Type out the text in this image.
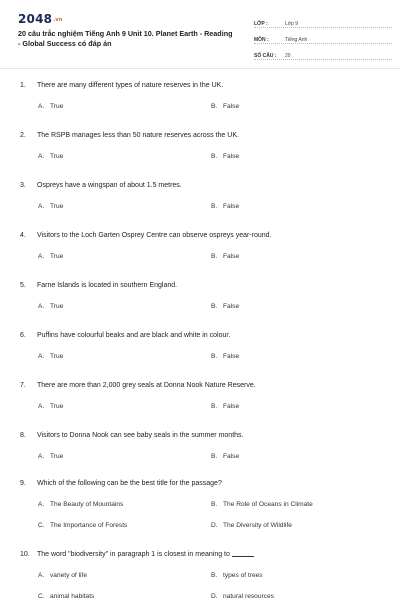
$2048^{.vn}$
20 câu trắc nghiệm Tiếng Anh 9 Unit 10. Planet Earth - Reading - Global Success có đáp án
LỚP :	Lớp 9
MÔN :	Tiếng Anh
SỐ CÂU :	20
1. There are many different types of nature reserves in the UK.
A. True	B. False
2. The RSPB manages less than 50 nature reserves across the UK.
A. True	B. False
3. Ospreys have a wingspan of about 1.5 metres.
A. True	B. False
4. Visitors to the Loch Garten Osprey Centre can observe ospreys year-round.
A. True	B. False
5. Farne Islands is located in southern England.
A. True	B. False
6. Puffins have colourful beaks and are black and white in colour.
A. True	B. False
7. There are more than 2,000 grey seals at Donna Nook Nature Reserve.
A. True	B. False
8. Visitors to Donna Nook can see baby seals in the summer months.
A. True	B. False
9. Which of the following can be the best title for the passage?
A. The Beauty of Mountains	B. The Role of Oceans in Climate
C. The Importance of Forests	D. The Diversity of Wildlife
10. The word "biodiversity" in paragraph 1 is closest in meaning to
A. variety of life	B. types of trees
C. animal habitats	D. natural resources
